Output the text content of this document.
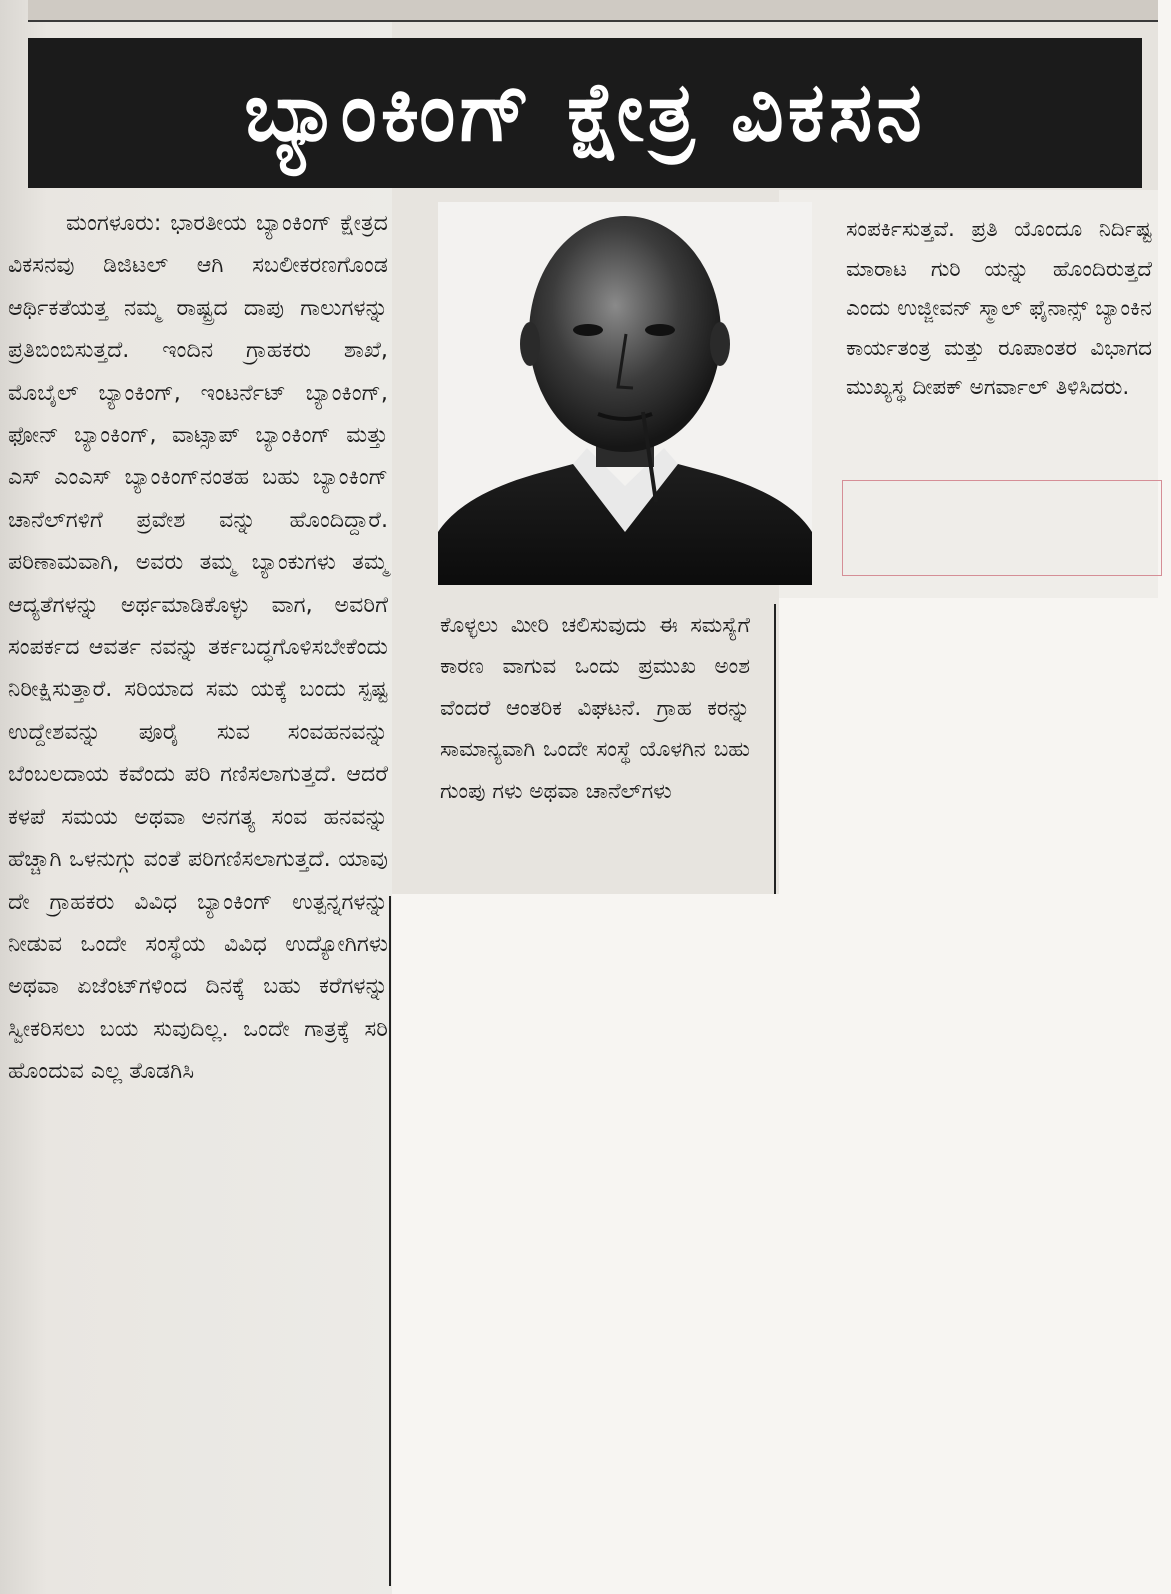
ಬ್ಯಾಂಕಿಂಗ್ ಕ್ಷೇತ್ರ ವಿಕಸನ

ಮಂಗಳೂರು: ಭಾರತೀಯ ಬ್ಯಾಂಕಿಂಗ್ ಕ್ಷೇತ್ರದ ವಿಕಸನವು ಡಿಜಿಟಲ್ ಆಗಿ ಸಬಲೀಕರಣಗೊಂಡ ಆರ್ಥಿಕತೆಯತ್ತ ನಮ್ಮ ರಾಷ್ಟ್ರದ ದಾಪು ಗಾಲುಗಳನ್ನು ಪ್ರತಿಬಿಂಬಿಸುತ್ತದೆ. ಇಂದಿನ ಗ್ರಾಹಕರು ಶಾಖೆ, ಮೊಬೈಲ್ ಬ್ಯಾಂಕಿಂಗ್, ಇಂಟರ್ನೆಟ್ ಬ್ಯಾಂಕಿಂಗ್, ಫೋನ್ ಬ್ಯಾಂಕಿಂಗ್, ವಾಟ್ಸಾಪ್ ಬ್ಯಾಂಕಿಂಗ್ ಮತ್ತು ಎಸ್ ಎಂಎಸ್ ಬ್ಯಾಂಕಿಂಗ್‌ನಂತಹ ಬಹು ಬ್ಯಾಂಕಿಂಗ್ ಚಾನೆಲ್‌ಗಳಿಗೆ ಪ್ರವೇಶ ವನ್ನು ಹೊಂದಿದ್ದಾರೆ. ಪರಿಣಾಮವಾಗಿ, ಅವರು ತಮ್ಮ ಬ್ಯಾಂಕುಗಳು ತಮ್ಮ ಆದ್ಯತೆಗಳನ್ನು ಅರ್ಥಮಾಡಿಕೊಳ್ಳು ವಾಗ, ಅವರಿಗೆ ಸಂಪರ್ಕದ ಆವರ್ತ ನವನ್ನು ತರ್ಕಬದ್ಧಗೊಳಿಸಬೇಕೆಂದು ನಿರೀಕ್ಷಿಸುತ್ತಾರೆ. ಸರಿಯಾದ ಸಮ ಯಕ್ಕೆ ಬಂದು ಸ್ಪಷ್ಟ ಉದ್ದೇಶವನ್ನು ಪೂರೈ ಸುವ ಸಂವಹನವನ್ನು ಬೆಂಬಲದಾಯ ಕವೆಂದು ಪರಿ ಗಣಿಸಲಾಗುತ್ತದೆ. ಆದರೆ ಕಳಪೆ ಸಮಯ ಅಥವಾ ಅನಗತ್ಯ ಸಂವ ಹನವನ್ನು ಹೆಚ್ಚಾಗಿ ಒಳನುಗ್ಗು ವಂತೆ ಪರಿಗಣಿಸಲಾಗುತ್ತದೆ. ಯಾವು ದೇ ಗ್ರಾಹಕರು ವಿವಿಧ ಬ್ಯಾಂಕಿಂಗ್ ಉತ್ಪನ್ನಗಳನ್ನು ನೀಡುವ ಒಂದೇ ಸಂಸ್ಥೆಯ ವಿವಿಧ ಉದ್ಯೋಗಿಗಳು ಅಥವಾ ಏಜೆಂಟ್‌ಗಳಿಂದ ದಿನಕ್ಕೆ ಬಹು ಕರೆಗಳನ್ನು ಸ್ವೀಕರಿಸಲು ಬಯ ಸುವುದಿಲ್ಲ. ಒಂದೇ ಗಾತ್ರಕ್ಕೆ ಸರಿ ಹೊಂದುವ ಎಲ್ಲ ತೊಡಗಿಸಿ

ಕೊಳ್ಳಲು ಮೀರಿ ಚಲಿಸುವುದು ಈ ಸಮಸ್ಯೆಗೆ ಕಾರಣ ವಾಗುವ ಒಂದು ಪ್ರಮುಖ ಅಂಶ ವೆಂದರೆ ಆಂತರಿಕ ವಿಘಟನೆ. ಗ್ರಾಹ ಕರನ್ನು ಸಾಮಾನ್ಯವಾಗಿ ಒಂದೇ ಸಂಸ್ಥೆ ಯೊಳಗಿನ ಬಹು ಗುಂಪು ಗಳು ಅಥವಾ ಚಾನೆಲ್‌ಗಳು

ಸಂಪರ್ಕಿಸುತ್ತವೆ. ಪ್ರತಿ ಯೊಂದೂ ನಿರ್ದಿಷ್ಟ ಮಾರಾಟ ಗುರಿ ಯನ್ನು ಹೊಂದಿರುತ್ತದೆ ಎಂದು ಉಜ್ಜೀವನ್ ಸ್ಮಾಲ್ ಫೈನಾನ್ಸ್ ಬ್ಯಾಂಕಿನ ಕಾರ್ಯತಂತ್ರ ಮತ್ತು ರೂಪಾಂತರ ವಿಭಾಗದ ಮುಖ್ಯಸ್ಥ ದೀಪಕ್ ಅಗರ್ವಾಲ್ ತಿಳಿಸಿದರು.
